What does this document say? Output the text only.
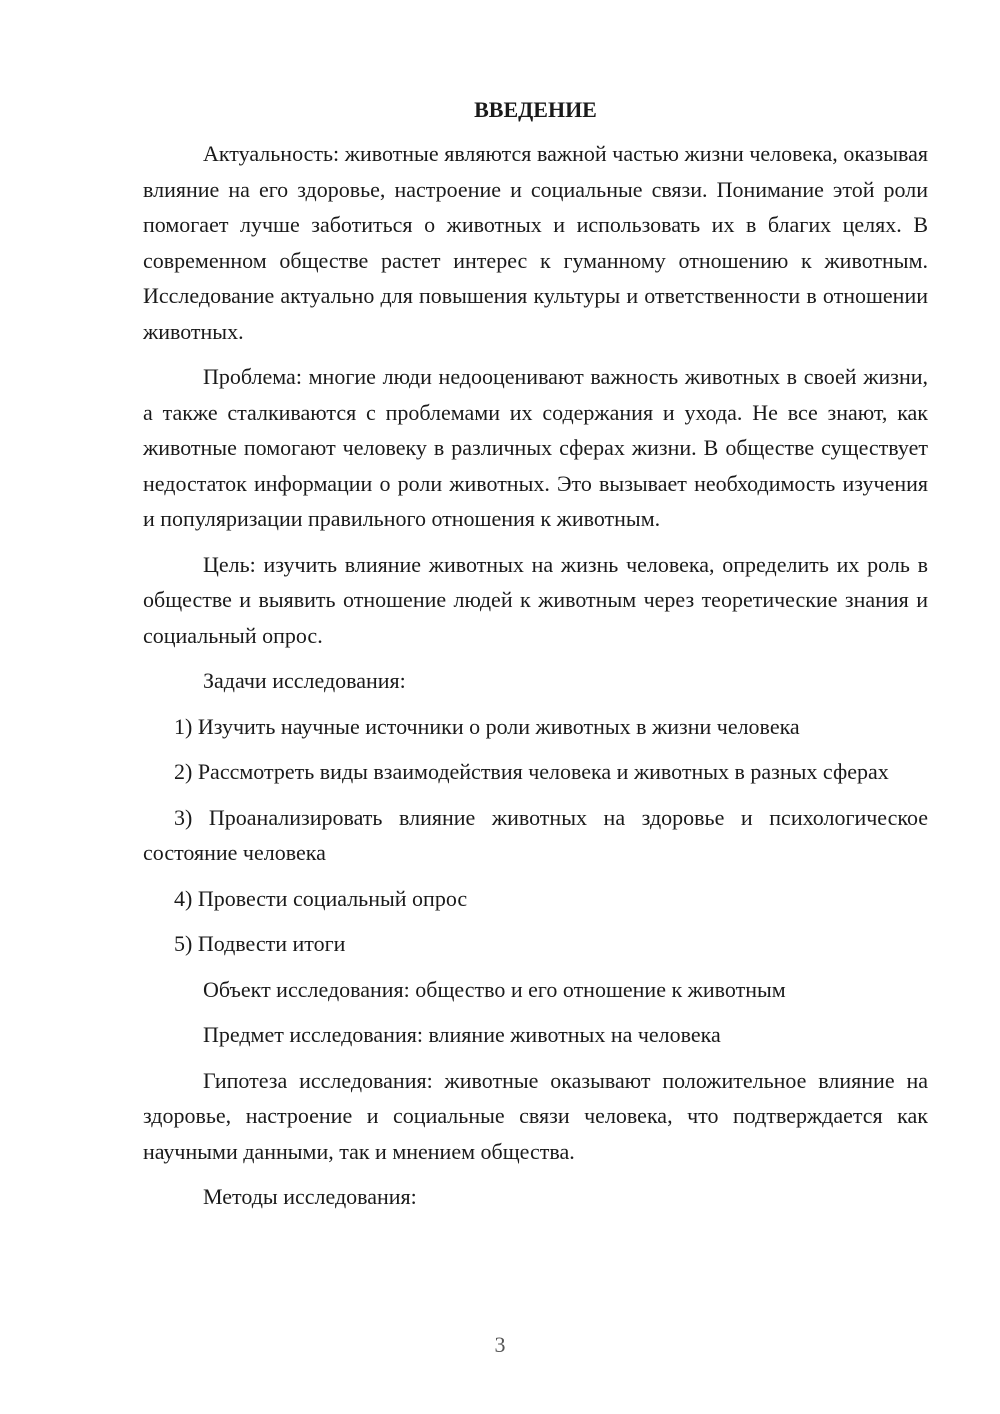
ВВЕДЕНИЕ

Актуальность: животные являются важной частью жизни человека, оказывая влияние на его здоровье, настроение и социальные связи. Понимание этой роли помогает лучше заботиться о животных и использовать их в благих целях. В современном обществе растет интерес к гуманному отношению к животным. Исследование актуально для повышения культуры и ответственности в отношении животных.

Проблема: многие люди недооценивают важность животных в своей жизни, а также сталкиваются с проблемами их содержания и ухода. Не все знают, как животные помогают человеку в различных сферах жизни. В обществе существует недостаток информации о роли животных. Это вызывает необходимость изучения и популяризации правильного отношения к животным.

Цель: изучить влияние животных на жизнь человека, определить их роль в обществе и выявить отношение людей к животным через теоретические знания и социальный опрос.

Задачи исследования:

1) Изучить научные источники о роли животных в жизни человека

2) Рассмотреть виды взаимодействия человека и животных в разных сферах

3) Проанализировать влияние животных на здоровье и психологическое состояние человека

4) Провести социальный опрос

5) Подвести итоги

Объект исследования: общество и его отношение к животным

Предмет исследования: влияние животных на человека

Гипотеза исследования: животные оказывают положительное влияние на здоровье, настроение и социальные связи человека, что подтверждается как научными данными, так и мнением общества.

Методы исследования:

3
